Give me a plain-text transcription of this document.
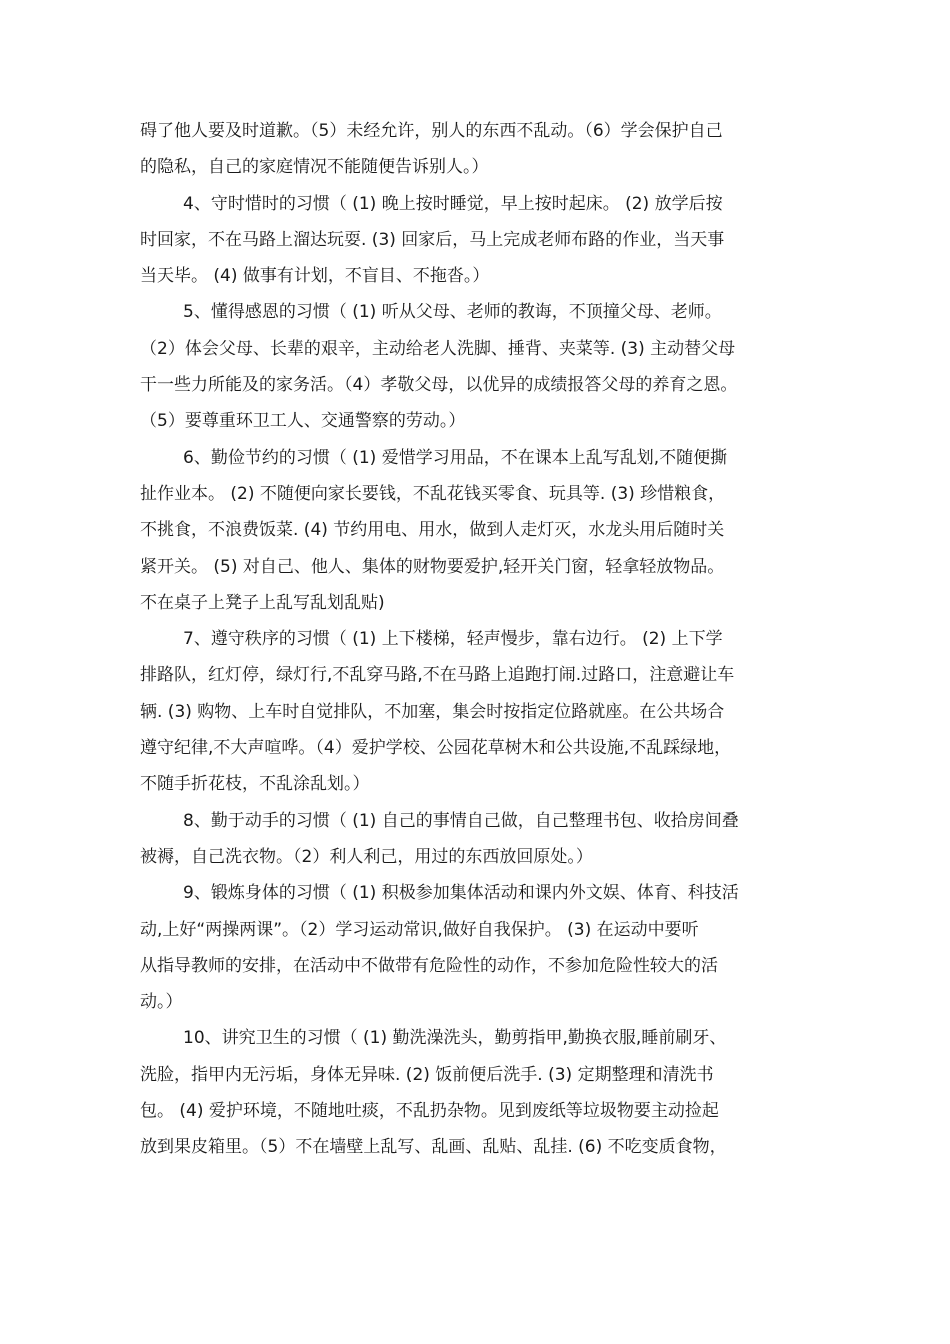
碍了他人要及时道歉。（5）未经允许，别人的东西不乱动。（6）学会保护自己
的隐私，自己的家庭情况不能随便告诉别人。）
4、守时惜时的习惯（ (1) 晚上按时睡觉，早上按时起床。 (2) 放学后按
时回家，不在马路上溜达玩耍. (3) 回家后，马上完成老师布路的作业，当天事
当天毕。 (4) 做事有计划，不盲目、不拖沓。）
5、懂得感恩的习惯（ (1) 听从父母、老师的教诲，不顶撞父母、老师。
（2）体会父母、长辈的艰辛，主动给老人洗脚、捶背、夹菜等. (3) 主动替父母
干一些力所能及的家务活。（4）孝敬父母，以优异的成绩报答父母的养育之恩。
（5）要尊重环卫工人、交通警察的劳动。）
6、勤俭节约的习惯（ (1) 爱惜学习用品，不在课本上乱写乱划,不随便撕
扯作业本。 (2) 不随便向家长要钱，不乱花钱买零食、玩具等. (3) 珍惜粮食，
不挑食，不浪费饭菜. (4) 节约用电、用水，做到人走灯灭，水龙头用后随时关
紧开关。 (5) 对自己、他人、集体的财物要爱护,轻开关门窗，轻拿轻放物品。
不在桌子上凳子上乱写乱划乱贴)
7、遵守秩序的习惯（ (1) 上下楼梯，轻声慢步，靠右边行。 (2) 上下学
排路队，红灯停，绿灯行,不乱穿马路,不在马路上追跑打闹.过路口，注意避让车
辆. (3) 购物、上车时自觉排队，不加塞，集会时按指定位路就座。在公共场合
遵守纪律,不大声喧哗。（4）爱护学校、公园花草树木和公共设施,不乱踩绿地，
不随手折花枝，不乱涂乱划。）
8、勤于动手的习惯（ (1) 自己的事情自己做，自己整理书包、收拾房间叠
被褥，自己洗衣物。（2）利人利己，用过的东西放回原处。）
9、锻炼身体的习惯（ (1) 积极参加集体活动和课内外文娱、体育、科技活
动,上好“两操两课”。（2）学习运动常识,做好自我保护。 (3) 在运动中要听
从指导教师的安排，在活动中不做带有危险性的动作，不参加危险性较大的活
动。）
10、讲究卫生的习惯（ (1) 勤洗澡洗头，勤剪指甲,勤换衣服,睡前刷牙、
洗脸，指甲内无污垢，身体无异味. (2) 饭前便后洗手. (3) 定期整理和清洗书
包。 (4) 爱护环境，不随地吐痰，不乱扔杂物。见到废纸等垃圾物要主动捡起
放到果皮箱里。（5）不在墙壁上乱写、乱画、乱贴、乱挂. (6) 不吃变质食物，
